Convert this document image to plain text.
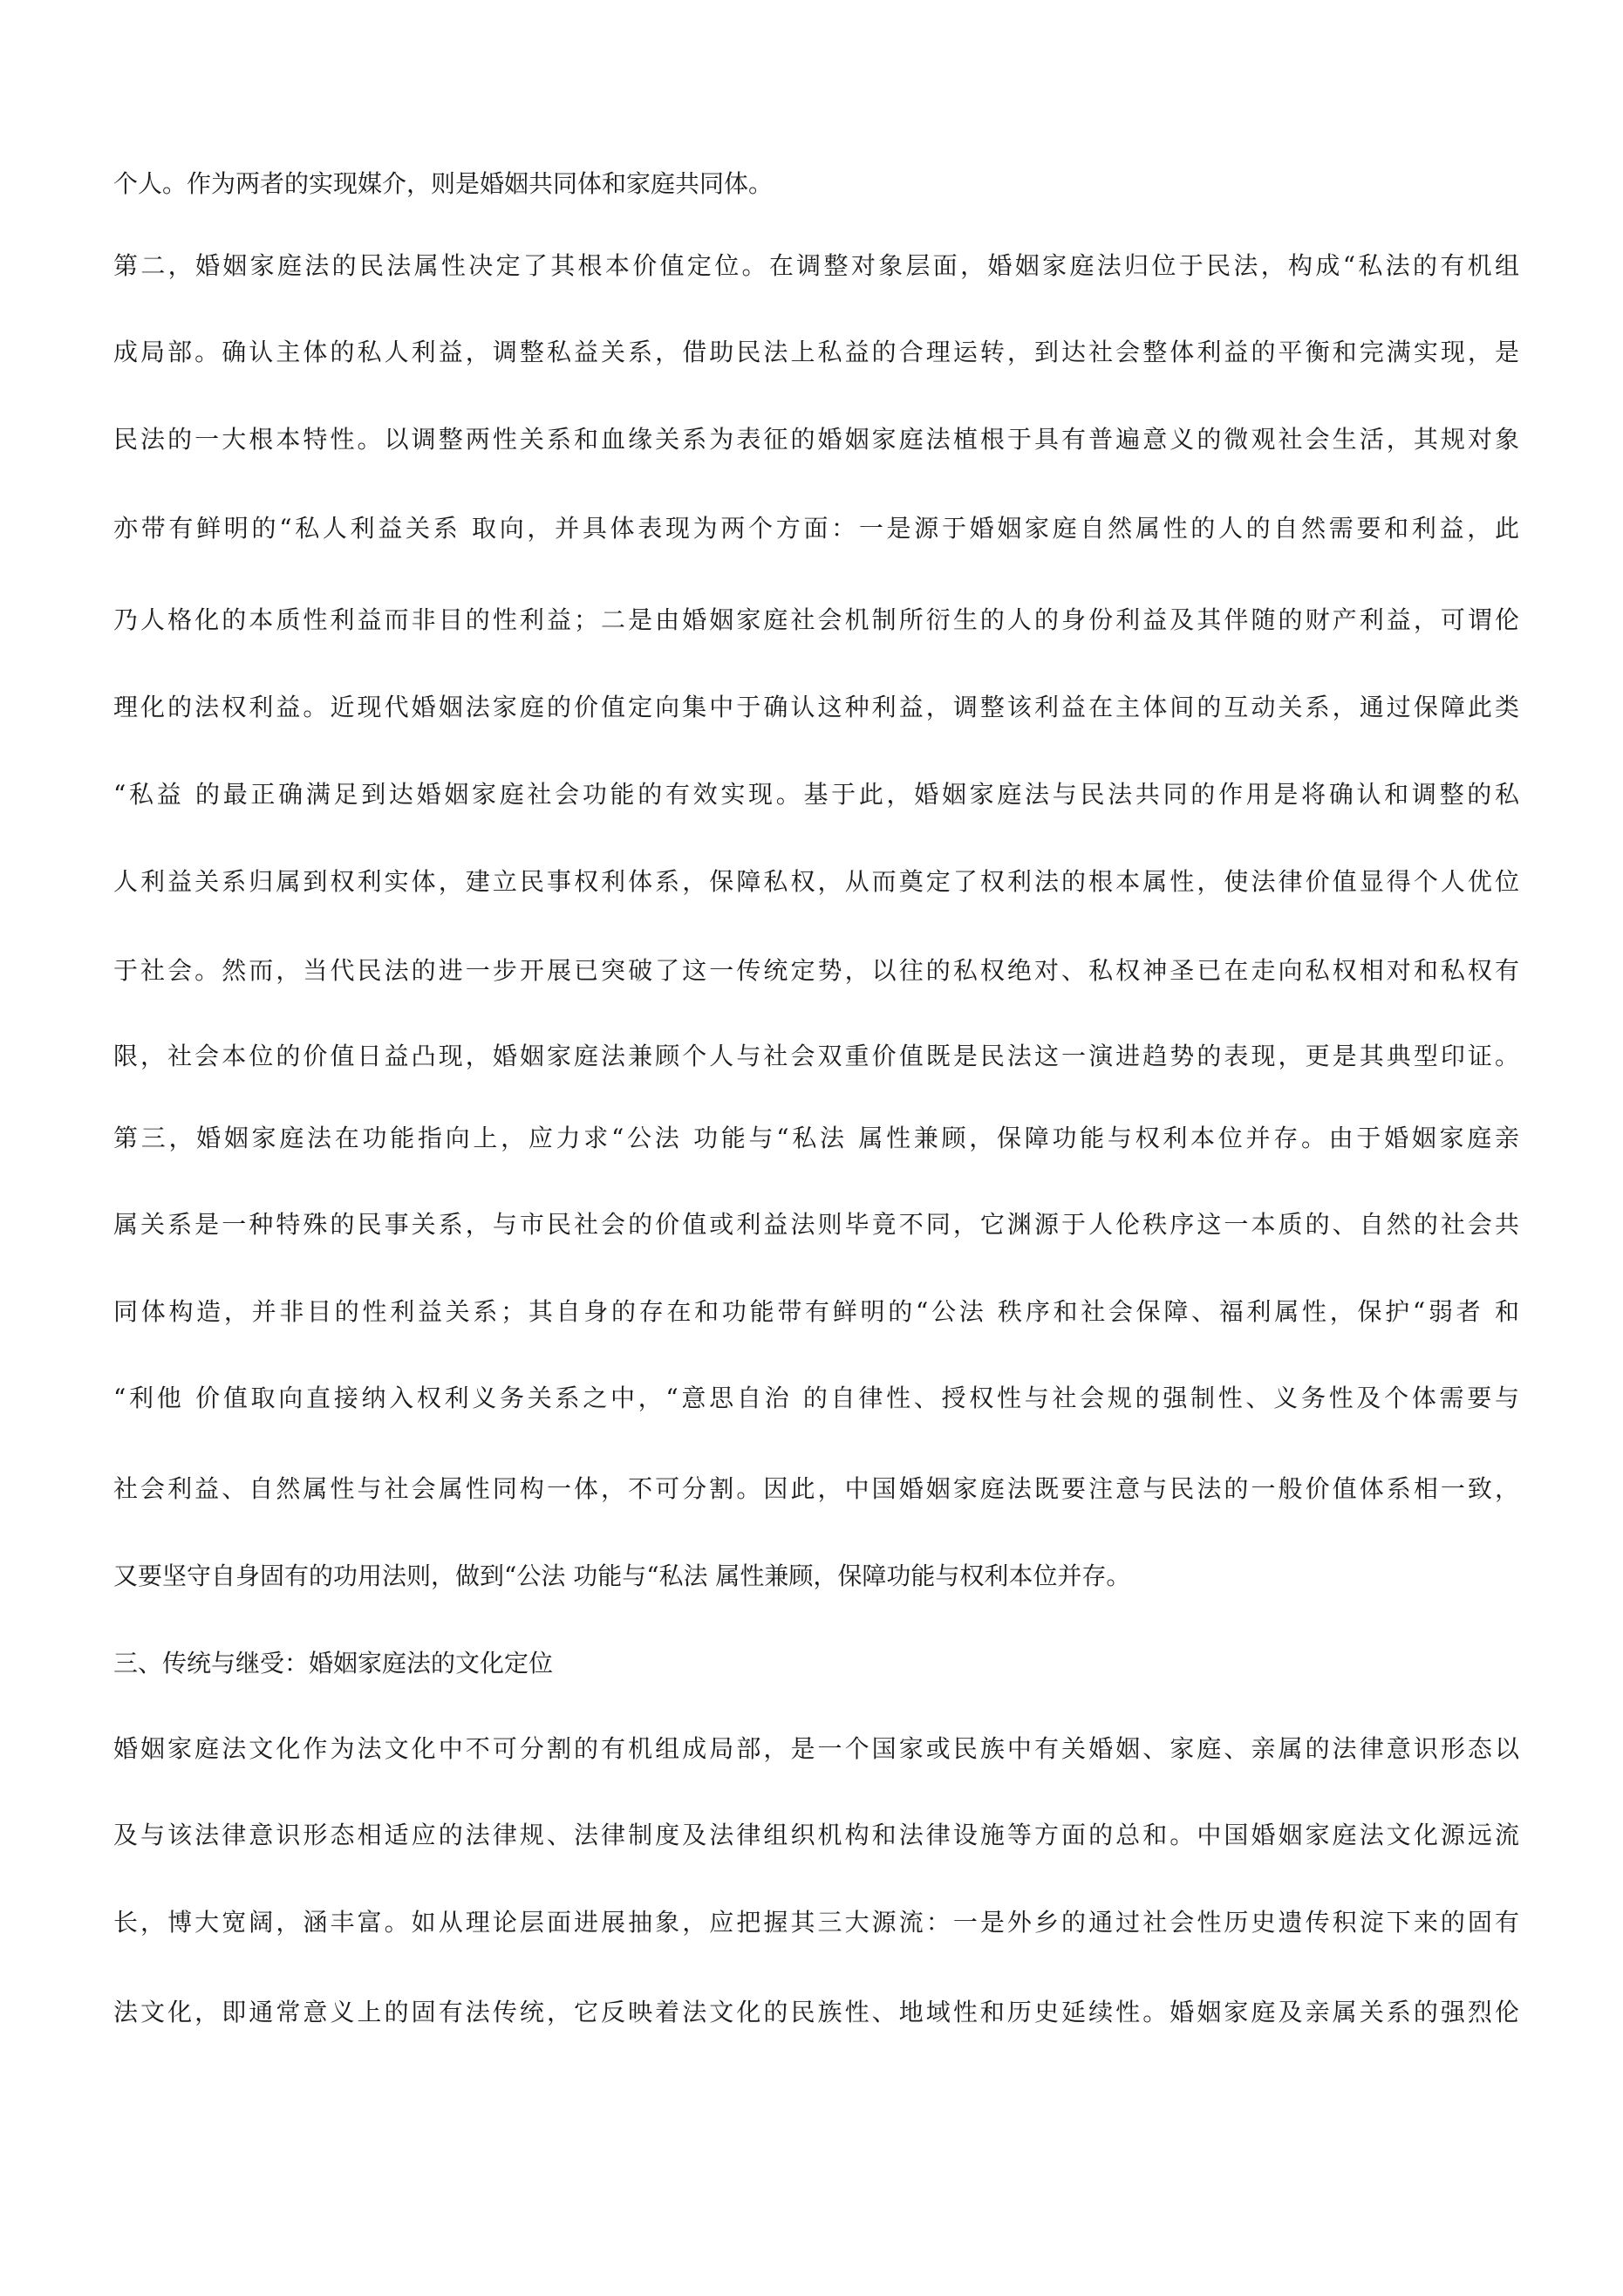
个人。作为两者的实现媒介，则是婚姻共同体和家庭共同体。
第二，婚姻家庭法的民法属性决定了其根本价值定位。在调整对象层面，婚姻家庭法归位于民法，构成“私法的有机组
成局部。确认主体的私人利益，调整私益关系，借助民法上私益的合理运转，到达社会整体利益的平衡和完满实现，是
民法的一大根本特性。以调整两性关系和血缘关系为表征的婚姻家庭法植根于具有普遍意义的微观社会生活，其规对象
亦带有鲜明的“私人利益关系 取向，并具体表现为两个方面：一是源于婚姻家庭自然属性的人的自然需要和利益，此
乃人格化的本质性利益而非目的性利益；二是由婚姻家庭社会机制所衍生的人的身份利益及其伴随的财产利益，可谓伦
理化的法权利益。近现代婚姻法家庭的价值定向集中于确认这种利益，调整该利益在主体间的互动关系，通过保障此类
“私益 的最正确满足到达婚姻家庭社会功能的有效实现。基于此，婚姻家庭法与民法共同的作用是将确认和调整的私
人利益关系归属到权利实体，建立民事权利体系，保障私权，从而奠定了权利法的根本属性，使法律价值显得个人优位
于社会。然而，当代民法的进一步开展已突破了这一传统定势，以往的私权绝对、私权神圣已在走向私权相对和私权有
限，社会本位的价值日益凸现，婚姻家庭法兼顾个人与社会双重价值既是民法这一演进趋势的表现，更是其典型印证。
第三，婚姻家庭法在功能指向上，应力求“公法 功能与“私法 属性兼顾，保障功能与权利本位并存。由于婚姻家庭亲
属关系是一种特殊的民事关系，与市民社会的价值或利益法则毕竟不同，它渊源于人伦秩序这一本质的、自然的社会共
同体构造，并非目的性利益关系；其自身的存在和功能带有鲜明的“公法 秩序和社会保障、福利属性，保护“弱者 和
“利他 价值取向直接纳入权利义务关系之中，“意思自治 的自律性、授权性与社会规的强制性、义务性及个体需要与
社会利益、自然属性与社会属性同构一体，不可分割。因此，中国婚姻家庭法既要注意与民法的一般价值体系相一致，
又要坚守自身固有的功用法则，做到“公法 功能与“私法 属性兼顾，保障功能与权利本位并存。
三、传统与继受：婚姻家庭法的文化定位
婚姻家庭法文化作为法文化中不可分割的有机组成局部，是一个国家或民族中有关婚姻、家庭、亲属的法律意识形态以
及与该法律意识形态相适应的法律规、法律制度及法律组织机构和法律设施等方面的总和。中国婚姻家庭法文化源远流
长，博大宽阔，涵丰富。如从理论层面进展抽象，应把握其三大源流：一是外乡的通过社会性历史遗传积淀下来的固有
法文化，即通常意义上的固有法传统，它反映着法文化的民族性、地域性和历史延续性。婚姻家庭及亲属关系的强烈伦
